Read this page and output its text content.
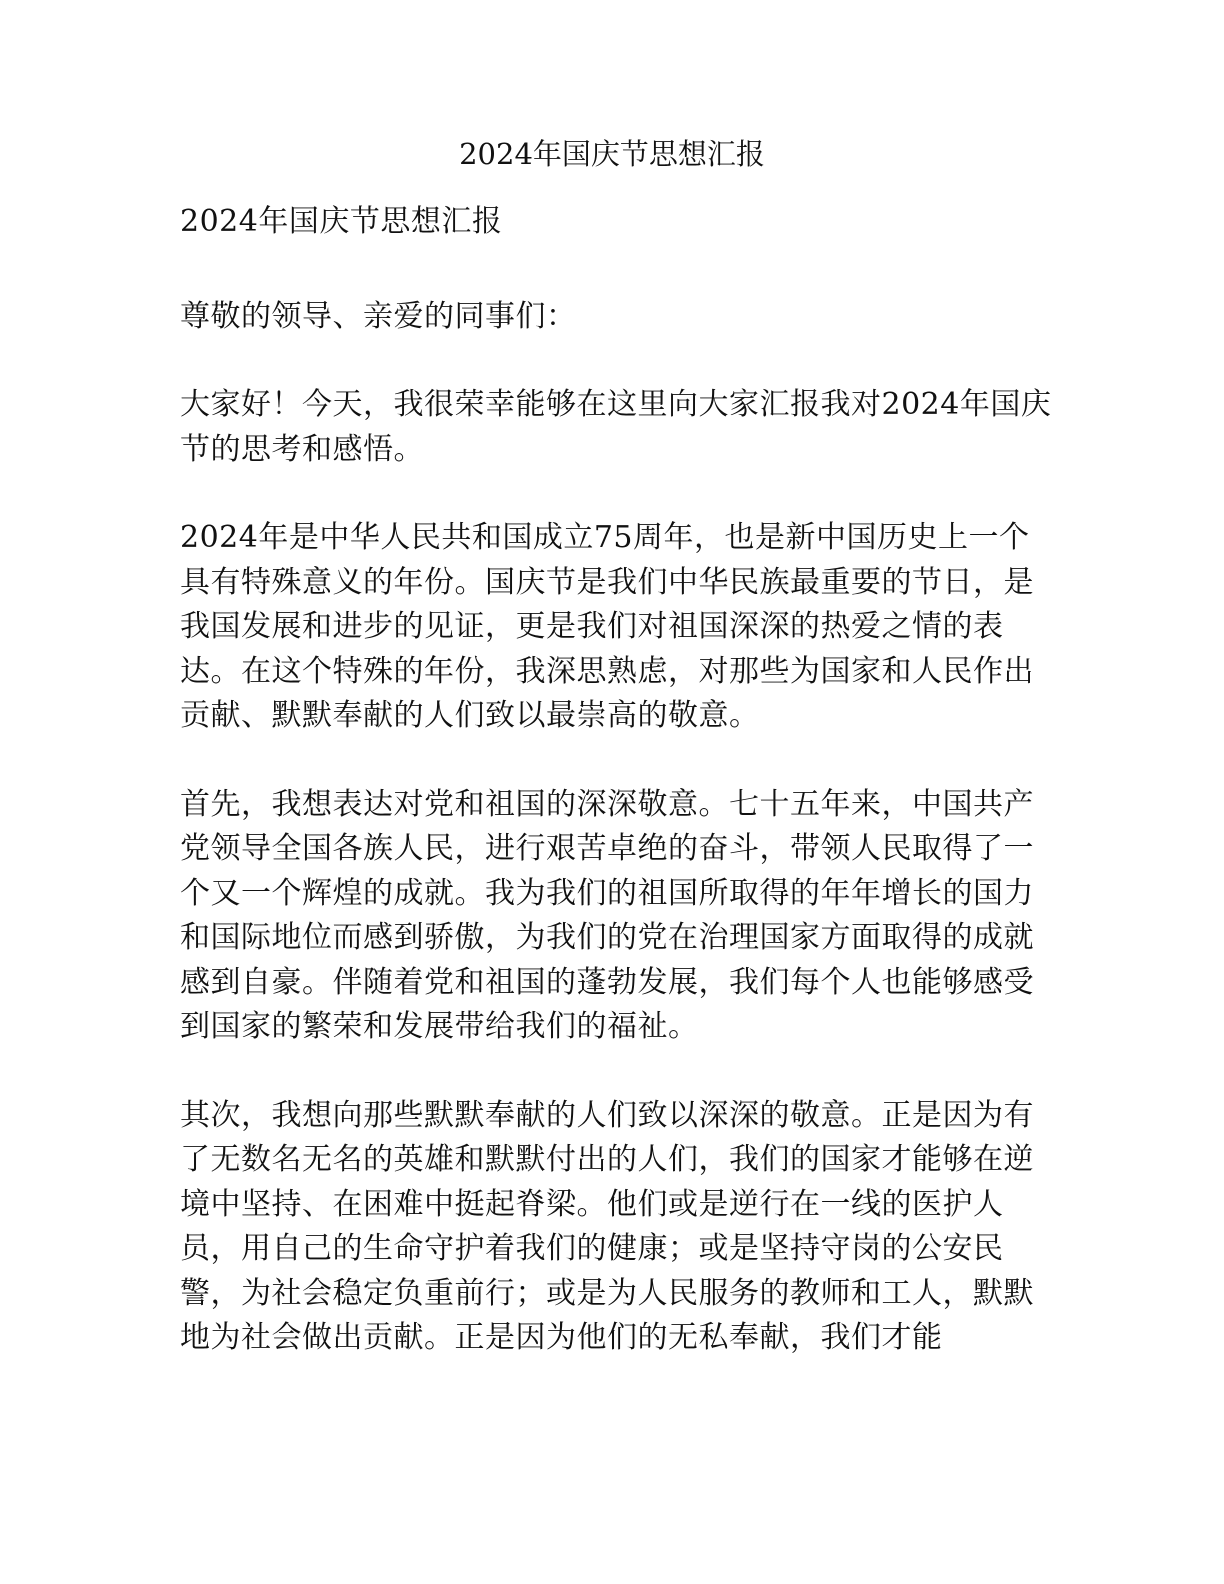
2024年国庆节思想汇报

2024年国庆节思想汇报

尊敬的领导、亲爱的同事们：

大家好！今天，我很荣幸能够在这里向大家汇报我对2024年国庆节的思考和感悟。

2024年是中华人民共和国成立75周年，也是新中国历史上一个具有特殊意义的年份。国庆节是我们中华民族最重要的节日，是我国发展和进步的见证，更是我们对祖国深深的热爱之情的表达。在这个特殊的年份，我深思熟虑，对那些为国家和人民作出贡献、默默奉献的人们致以最崇高的敬意。

首先，我想表达对党和祖国的深深敬意。七十五年来，中国共产党领导全国各族人民，进行艰苦卓绝的奋斗，带领人民取得了一个又一个辉煌的成就。我为我们的祖国所取得的年年增长的国力和国际地位而感到骄傲，为我们的党在治理国家方面取得的成就感到自豪。伴随着党和祖国的蓬勃发展，我们每个人也能够感受到国家的繁荣和发展带给我们的福祉。

其次，我想向那些默默奉献的人们致以深深的敬意。正是因为有了无数名无名的英雄和默默付出的人们，我们的国家才能够在逆境中坚持、在困难中挺起脊梁。他们或是逆行在一线的医护人员，用自己的生命守护着我们的健康；或是坚持守岗的公安民警，为社会稳定负重前行；或是为人民服务的教师和工人，默默地为社会做出贡献。正是因为他们的无私奉献，我们才能
